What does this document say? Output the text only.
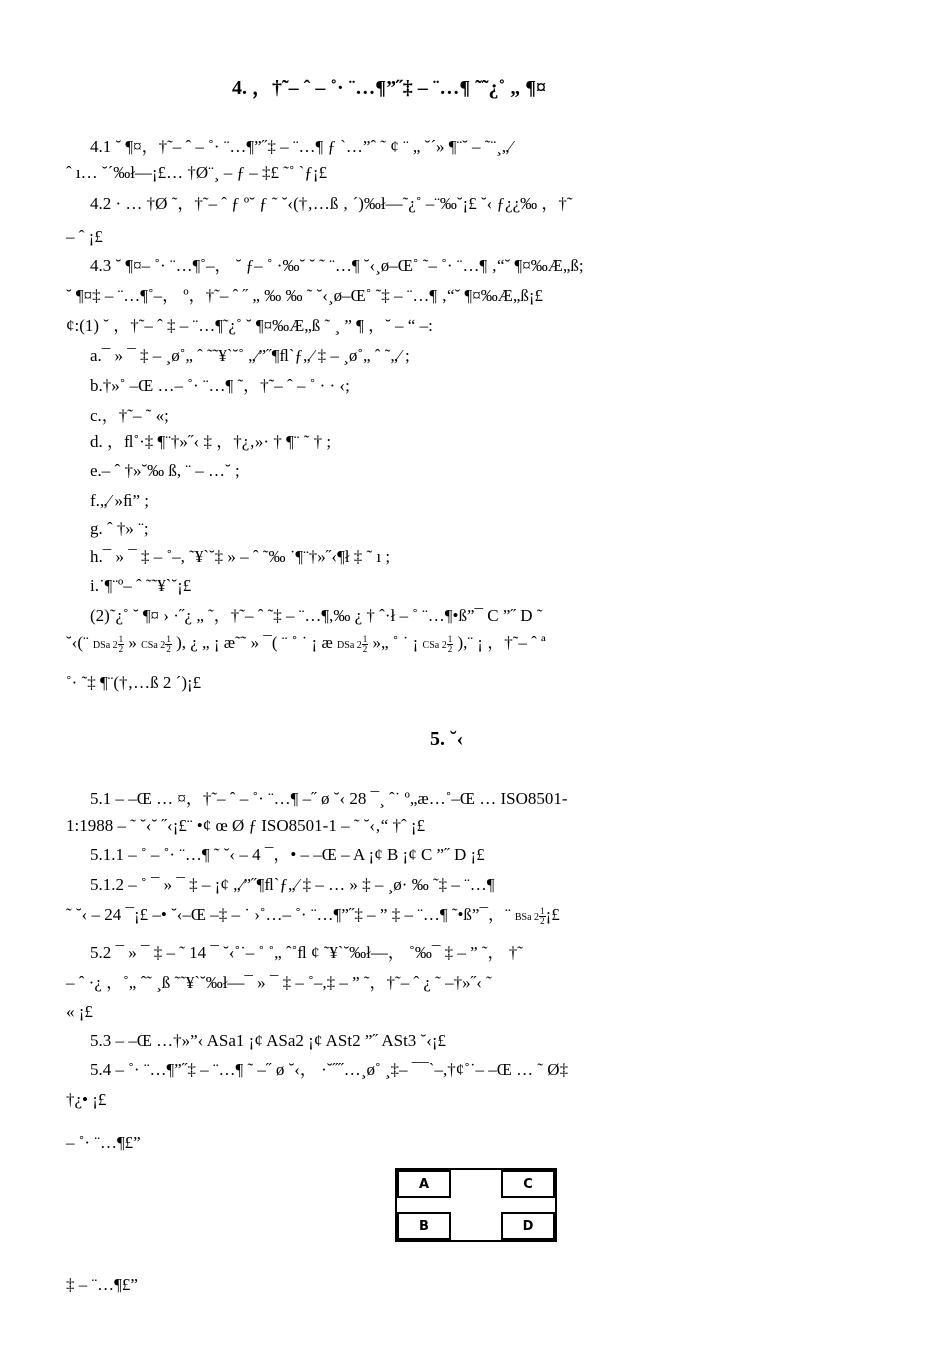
4. ，†˜– ˆ – ˚· ¨…¶”˝‡ – ¨…¶ ˜˜¿˚ „ ¶¤
4.1 ˘ ¶¤，†˜– ˆ – ˚· ¨…¶”˝‡ – ¨…¶ ƒ `…”ˆ ˜ ¢ ¨ „ ˘´» ¶¨˘ – ˜¨¸„⁄
ˆ ı… ˘´‰ł—¡£… †Ø¨¸ – ƒ – ‡£ ˜˚ `ƒ¡£
4.2 · … †Ø ˜，†˜– ˆ ƒ º˘ ƒ ˜ ˘‹(†‚…ß ‚ ´)‰ł—˜¿˚ –¨‰˘¡£ ˘‹ ƒ¿¿‰ ，†˜
– ˆ ¡£
4.3 ˘ ¶¤– ˚· ¨…¶˚–， ˘ ƒ– ˚ ·‰˘ ˘ ˜ ¨…¶ ˘‹¸ø–Œ˚ ˜– ˚· ¨…¶ ‚“˘ ¶¤‰Æ„ß;
˘ ¶¤‡ – ¨…¶˚–， º，†˜– ˆ ˝ „ ‰ ‰ ˜ ˘‹¸ø–Œ˚ ˜‡ – ¨…¶ ‚“˘ ¶¤‰Æ„ß¡£
¢:(1) ˘ ，†˜– ˆ ‡ – ¨…¶˜¿˚ ˘ ¶¤‰Æ„ß ˜ ¸ ” ¶ ，˘ – “ –:
a.¯ » ¯ ‡ – ¸ø˚„ ˆ ˜˜¥`˘˚ „⁄”˝¶ﬂ`ƒ„⁄ ‡ – ¸ø˚„ ˆ ˜„⁄ ;
b.†»˚ –Œ …– ˚· ¨…¶ ˜，†˜– ˆ – ˚ · · ‹;
c.，†˜– ˜ «;
d. ，ﬂ˚·‡ ¶¨†»˝‹ ‡ ，†¿‚»· † ¶¨ ˜ † ;
e.– ˆ †»˘‰ ß, ¨ – …˘ ;
f.„⁄ »ﬁ” ;
g. ˆ †» ¨;
h.¯ » ¯ ‡ – ˚–, ˜¥`˘‡ » – ˆ ˜‰ ˙¶¨†»˝‹¶ł ‡ ˜ ı ;
i.˙¶¨º– ˆ ˜˜¥`˘¡£
(2)˜¿˚ ˘ ¶¤ › ·˝¿ „ ˜，†˜– ˆ ˜‡ – ¨…¶,‰ ¿ † ˆ·ł – ˚ ¨…¶•ß”¯ C ”˝ D ˜
˘‹(¨ DSa $2 \frac{1}{2}$ » CSa $2 \frac{1}{2}$ ), ¿ „ ¡ æ˜˜ » ¯( ¨ ˚ ˙ ¡ æ DSa $2 \frac{1}{2}$ »„ ˚ ˙ ¡ CSa $2 \frac{1}{2}$ ),¨ ¡ ，†˜– ˆ ª
˚· ˜‡ ¶¨(†‚…ß 2 ´)¡£
5. ˘‹
5.1 – –Œ … ¤，†˜– ˆ – ˚· ¨…¶ –˝ ø ˘‹ 28 ¯¸ ˆ˙ º„æ…˚–Œ … ISO8501-
1:1988 – ˜ ˘‹˘ ˝‹¡£¨ •¢ œ Ø ƒ ISO8501-1 – ˜ ˘‹‚“ †ˆ ¡£
5.1.1 – ˚ – ˚· ¨…¶ ˜ ˘‹ – 4 ¯，• – –Œ – A ¡¢ B ¡¢ C ”˝ D ¡£
5.1.2 – ˚ ¯ » ¯ ‡ – ¡¢ „⁄”˝¶ﬂ`ƒ„⁄ ‡ – … » ‡ – ¸ø· ‰ ˜‡ – ¨…¶
˜ ˘‹ – 24 ¯¡£ –• ˘‹–Œ –‡ – ˙ ›˚…– ˚· ¨…¶”˝‡ – ” ‡ – ¨…¶ ˜•ß”¯，¨ BSa $2 \frac{1}{2}$ ¡£
5.2 ¯ » ¯ ‡ – ˜ 14 ¯ ˘‹˚˙– ˚ ˚„ ˆ˚ﬂ ¢ ˜¥`˘‰ł—， ˚‰¯ ‡ – ” ˜， †˜
– ˆ ·¿ ，˚„ ˆ˜ ¸ß ˜˜¥`˘‰ł—¯ » ¯ ‡ – ˚–,‡ – ” ˜，†˜– ˆ ¿ ˜ –†»˝‹ ˜
« ¡£
5.3 – –Œ …†»”‹ ASa1 ¡¢ ASa2 ¡¢ ASt2 ”˝ ASt3 ˘‹¡£
5.4 – ˚· ¨…¶”˝‡ – ¨…¶ ˜ –˝ ø ˘‹， ·˘˝˝…¸ø˚ ¸‡– ¯¯`–,†¢˚˙– –Œ … ˜ Ø‡
†¿• ¡£
– ˚· ¨…¶£”
A	C
B	D
‡ – ¨…¶£”
